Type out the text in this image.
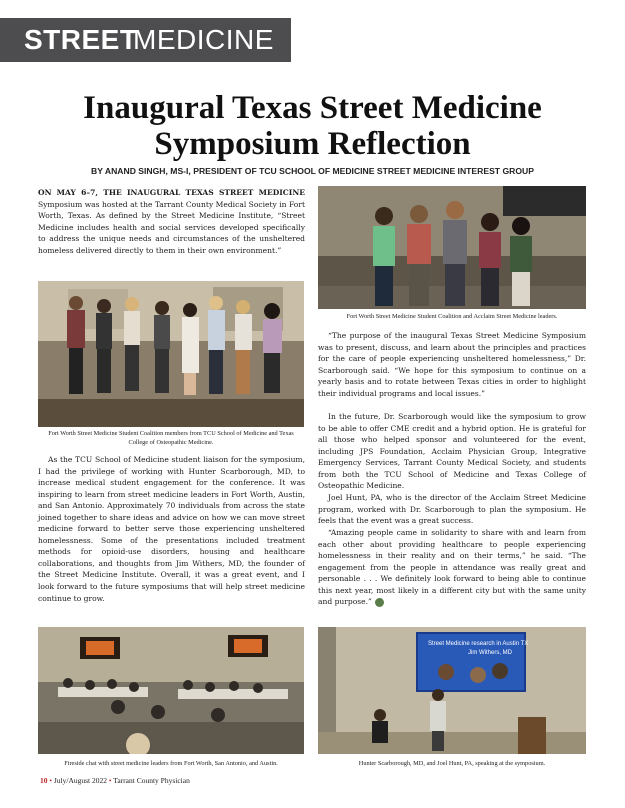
STREET
MEDICINE
Inaugural Texas Street Medicine
Symposium Reflection
BY ANAND SINGH, MS-I, PRESIDENT OF TCU SCHOOL OF MEDICINE STREET MEDICINE INTEREST GROUP
ON MAY 6–7, THE INAUGURAL TEXAS STREET MEDICINE Symposium was hosted at the Tarrant County Medical Society in Fort Worth, Texas. As defined by the Street Medicine Institute, “Street Medicine includes health and social services developed specifically to address the unique needs and circumstances of the unsheltered homeless delivered directly to them in their own environment.”
Fort Worth Street Medicine Student Coalition members from TCU School of Medicine and Texas College of Osteopathic Medicine.
As the TCU School of Medicine student liaison for the symposium, I had the privilege of working with Hunter Scarborough, MD, to increase medical student engagement for the conference. It was inspiring to learn from street medicine leaders in Fort Worth, Austin, and San Antonio. Approximately 70 individuals from across the state joined together to share ideas and advice on how we can move street medicine forward to better serve those experiencing unsheltered homelessness. Some of the presentations included treatment methods for opioid-use disorders, housing and healthcare collaborations, and thoughts from Jim Withers, MD, the founder of the Street Medicine Institute. Overall, it was a great event, and I look forward to the future symposiums that will help street medicine continue to grow.
Fort Worth Street Medicine Student Coalition and Acclaim Street Medicine leaders.
“The purpose of the inaugural Texas Street Medicine Symposium was to present, discuss, and learn about the principles and practices for the care of people experiencing unsheltered homelessness,” Dr. Scarborough said. “We hope for this symposium to continue on a yearly basis and to rotate between Texas cities in order to highlight their individual programs and local issues.”
In the future, Dr. Scarborough would like the symposium to grow to be able to offer CME credit and a hybrid option. He is grateful for all those who helped sponsor and volunteered for the event, including JPS Foundation, Acclaim Physician Group, Integrative Emergency Services, Tarrant County Medical Society, and students from both the TCU School of Medicine and Texas College of Osteopathic Medicine.
Joel Hunt, PA, who is the director of the Acclaim Street Medicine program, worked with Dr. Scarborough to plan the symposium. He feels that the event was a great success.
“Amazing people came in solidarity to share with and learn from each other about providing healthcare to people experiencing homelessness in their reality and on their terms,” he said. “The engagement from the people in attendance was really great and personable . . . We definitely look forward to being able to continue this next year, most likely in a different city but with the same unity and purpose.”
Fireside chat with street medicine leaders from Fort Worth, San Antonio, and Austin.
Street Medicine research in Austin TX
Jim Withers, MD
Hunter Scarborough, MD, and Joel Hunt, PA, speaking at the symposium.
10 • July/August 2022 • Tarrant County Physician
